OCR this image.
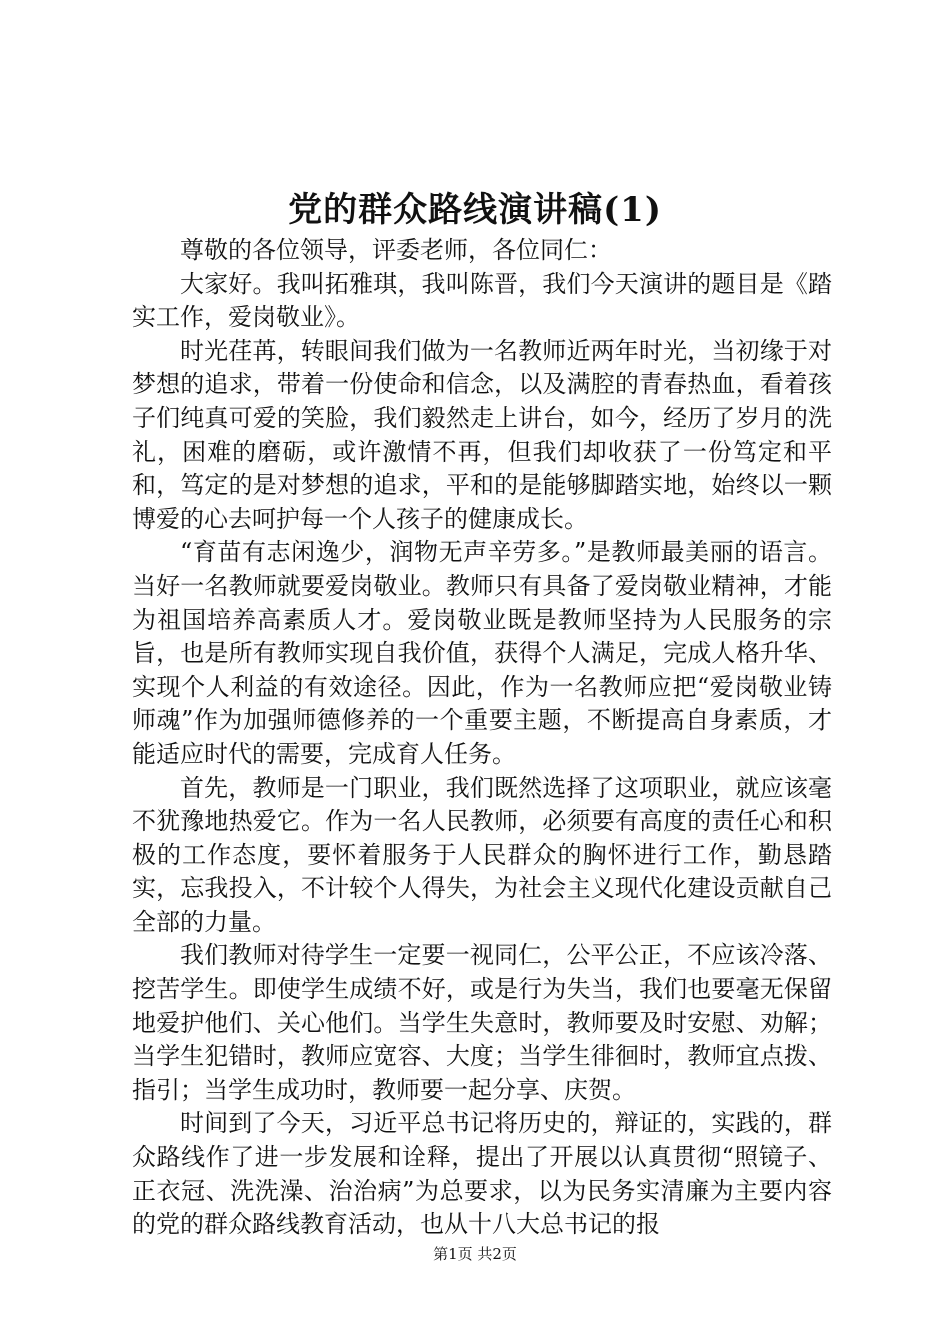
党的群众路线演讲稿(1)

尊敬的各位领导，评委老师，各位同仁：

大家好。我叫拓雅琪，我叫陈晋，我们今天演讲的题目是《踏实工作，爱岗敬业》。

时光荏苒，转眼间我们做为一名教师近两年时光，当初缘于对梦想的追求，带着一份使命和信念，以及满腔的青春热血，看着孩子们纯真可爱的笑脸，我们毅然走上讲台，如今，经历了岁月的洗礼，困难的磨砺，或许激情不再，但我们却收获了一份笃定和平和，笃定的是对梦想的追求，平和的是能够脚踏实地，始终以一颗博爱的心去呵护每一个人孩子的健康成长。

“育苗有志闲逸少，润物无声辛劳多。”是教师最美丽的语言。当好一名教师就要爱岗敬业。教师只有具备了爱岗敬业精神，才能为祖国培养高素质人才。爱岗敬业既是教师坚持为人民服务的宗旨，也是所有教师实现自我价值，获得个人满足，完成人格升华、实现个人利益的有效途径。因此，作为一名教师应把“爱岗敬业铸师魂”作为加强师德修养的一个重要主题，不断提高自身素质，才能适应时代的需要，完成育人任务。

首先，教师是一门职业，我们既然选择了这项职业，就应该毫不犹豫地热爱它。作为一名人民教师，必须要有高度的责任心和积极的工作态度，要怀着服务于人民群众的胸怀进行工作，勤恳踏实，忘我投入，不计较个人得失，为社会主义现代化建设贡献自己全部的力量。

我们教师对待学生一定要一视同仁，公平公正，不应该冷落、挖苦学生。即使学生成绩不好，或是行为失当，我们也要毫无保留地爱护他们、关心他们。当学生失意时，教师要及时安慰、劝解；当学生犯错时，教师应宽容、大度；当学生徘徊时，教师宜点拨、指引；当学生成功时，教师要一起分享、庆贺。

时间到了今天，习近平总书记将历史的，辩证的，实践的，群众路线作了进一步发展和诠释，提出了开展以认真贯彻“照镜子、正衣冠、洗洗澡、治治病”为总要求，以为民务实清廉为主要内容的党的群众路线教育活动，也从十八大总书记的报

第1页 共2页
